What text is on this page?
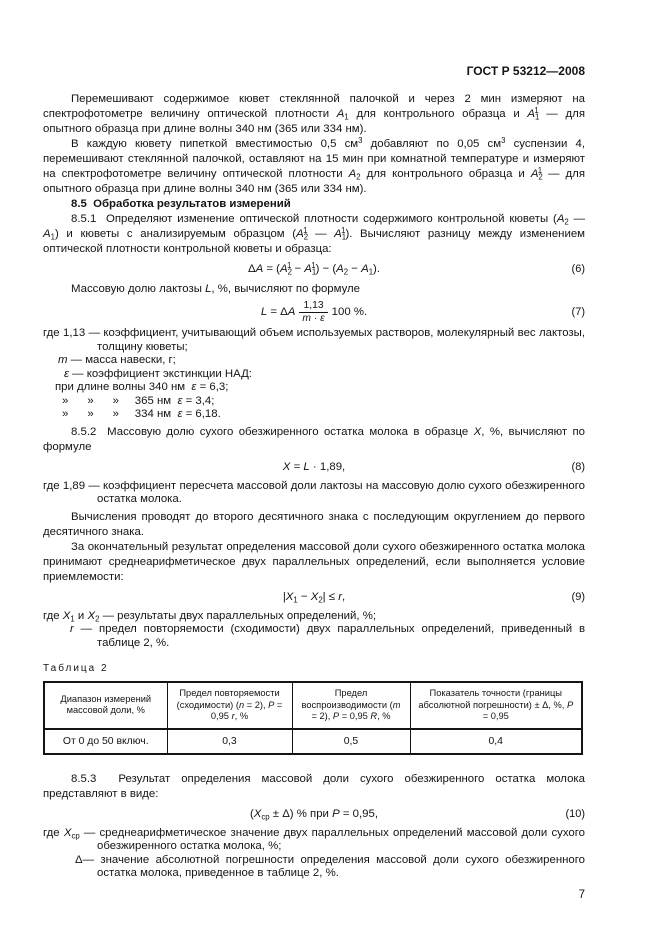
ГОСТ Р 53212—2008

Перемешивают содержимое кювет стеклянной палочкой и через 2 мин измеряют на спектрофотометре величину оптической плотности $A_1$ для контрольного образца и $A_1^1$ — для опытного образца при длине волны 340 нм (365 или 334 нм).

В каждую кювету пипеткой вместимостью 0,5 $см^3$ добавляют по 0,05 $см^3$ суспензии 4, перемешивают стеклянной палочкой, оставляют на 15 мин при комнатной температуре и измеряют на спектрофотометре величину оптической плотности $A_2$ для контрольного образца и $A_2^1$ — для опытного образца при длине волны 340 нм (365 или 334 нм).

8.5  Обработка результатов измерений

8.5.1  Определяют изменение оптической плотности содержимого контрольной кюветы ($A_2$ — $A_1$) и кюветы с анализируемым образцом ($A_2^1$ — $A_1^1$). Вычисляют разницу между изменением оптической плотности контрольной кюветы и образца:

$\Delta A = (A_2^1 - A_1^1) - (A_2 - A_1)$.	(6)

Массовую долю лактозы L, %, вычисляют по формуле

L = ΔA $\frac{1,13}{m \cdot \varepsilon} 100$ %.	(7)

где 1,13 — коэффициент, учитывающий объем используемых растворов, молекулярный вес лактозы, толщину кюветы;

m — масса навески, г;

ε — коэффициент экстинкции НАД:

при длине волны 340 нм  ε = 6,3;

»      »      »     365 нм  ε = 3,4;

»      »      »     334 нм  ε = 6,18.

8.5.2  Массовую долю сухого обезжиренного остатка молока в образце X, %, вычисляют по формуле

X = L · 1,89,	(8)

где 1,89 — коэффициент пересчета массовой доли лактозы на массовую долю сухого обезжиренного остатка молока.

Вычисления проводят до второго десятичного знака с последующим округлением до первого десятичного знака.

За окончательный результат определения массовой доли сухого обезжиренного остатка молока принимают среднеарифметическое двух параллельных определений, если выполняется условие приемлемости:

$|X_1 - X_2| \le r$,	(9)

где $X_1$ и $X_2$ — результаты двух параллельных определений, %;

r — предел повторяемости (сходимости) двух параллельных определений, приведенный в таблице 2, %.

Таблица 2
Диапазон измерений массовой доли, %	Предел повторяемости (сходимости) (n = 2), P = 0,95 r, %	Предел воспроизводимости (m = 2), P = 0,95 R, %	Показатель точности (границы абсолютной погрешности) ± Δ, %, P = 0,95
От 0 до 50 включ.	0,3	0,5	0,4

8.5.3  Результат определения массовой доли сухого обезжиренного остатка молока представляют в виде:

$(X_{ср} \pm \Delta)$ % при P = 0,95,	(10)

где $X_{ср}$ — среднеарифметическое значение двух параллельных определений массовой доли сухого обезжиренного остатка молока, %;

Δ— значение абсолютной погрешности определения массовой доли сухого обезжиренного остатка молока, приведенное в таблице 2, %.

7
